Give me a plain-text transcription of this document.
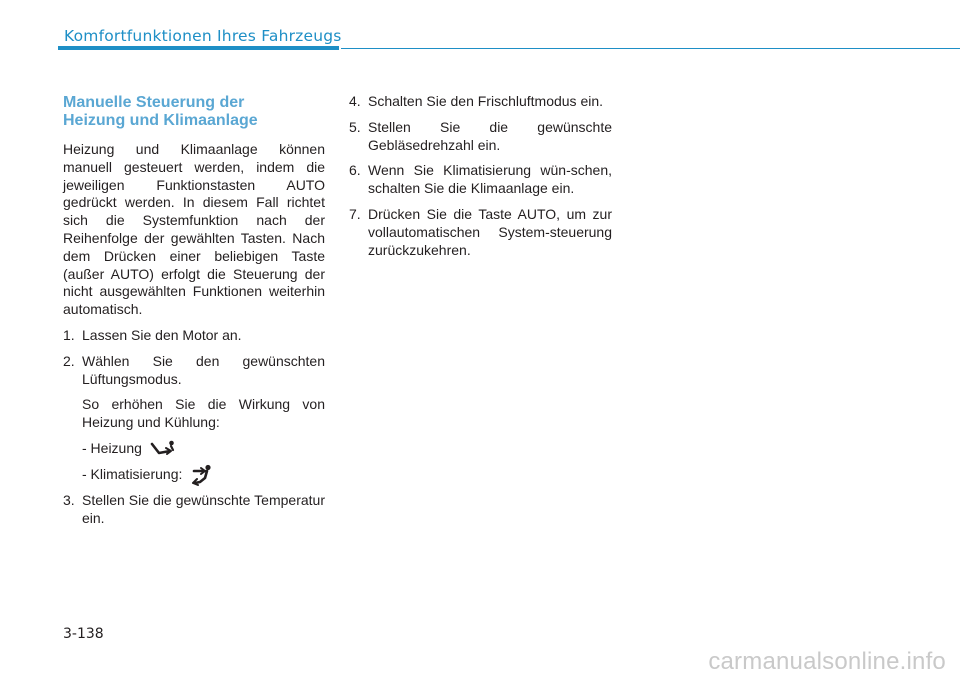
Komfortfunktionen Ihres Fahrzeugs
Manuelle Steuerung der
Heizung und Klimaanlage

Heizung und Klimaanlage können manuell gesteuert werden, indem die jeweiligen Funktionstasten AUTO gedrückt werden. In diesem Fall richtet sich die Systemfunktion nach der Reihenfolge der gewählten Tasten. Nach dem Drücken einer beliebigen Taste (außer AUTO) erfolgt die Steuerung der nicht ausgewählten Funktionen weiterhin automatisch.

1. Lassen Sie den Motor an.
2. Wählen Sie den gewünschten Lüftungsmodus.
So erhöhen Sie die Wirkung von Heizung und Kühlung:
- Heizung
- Klimatisierung:
3. Stellen Sie die gewünschte Temperatur ein.
4. Schalten Sie den Frischluftmodus ein.
5. Stellen Sie die gewünschte Gebläsedrehzahl ein.
6. Wenn Sie Klimatisierung wün-schen, schalten Sie die Klimaanlage ein.
7. Drücken Sie die Taste AUTO, um zur vollautomatischen System-steuerung zurückzukehren.
3-138
carmanualsonline.info
